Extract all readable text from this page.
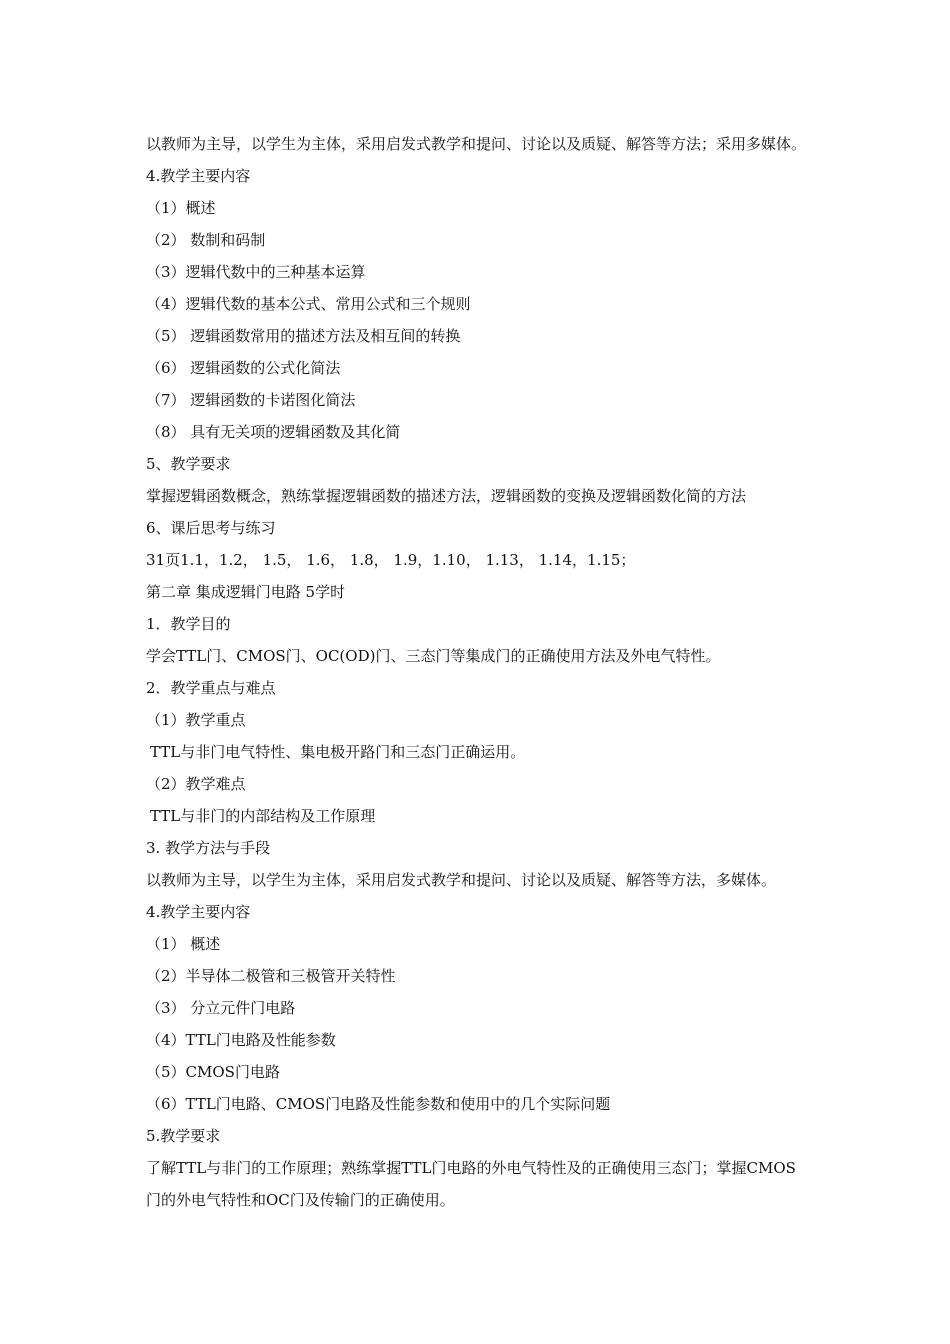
以教师为主导，以学生为主体，采用启发式教学和提问、讨论以及质疑、解答等方法；采用多媒体。
4.教学主要内容
（1）概述
（2） 数制和码制
（3）逻辑代数中的三种基本运算
（4）逻辑代数的基本公式、常用公式和三个规则
（5） 逻辑函数常用的描述方法及相互间的转换
（6） 逻辑函数的公式化简法
（7） 逻辑函数的卡诺图化简法
（8） 具有无关项的逻辑函数及其化简
5、教学要求
掌握逻辑函数概念，熟练掌握逻辑函数的描述方法，逻辑函数的变换及逻辑函数化简的方法
6、课后思考与练习
31页1.1，1.2， 1.5， 1.6， 1.8， 1.9，1.10， 1.13， 1.14，1.15；
第二章 集成逻辑门电路 5学时
1．教学目的
学会TTL门、CMOS门、OC(OD)门、三态门等集成门的正确使用方法及外电气特性。
2．教学重点与难点
（1）教学重点
TTL与非门电气特性、集电极开路门和三态门正确运用。
（2）教学难点
TTL与非门的内部结构及工作原理
3. 教学方法与手段
以教师为主导，以学生为主体，采用启发式教学和提问、讨论以及质疑、解答等方法，多媒体。
4.教学主要内容
（1） 概述
（2）半导体二极管和三极管开关特性
（3） 分立元件门电路
（4）TTL门电路及性能参数
（5）CMOS门电路
（6）TTL门电路、CMOS门电路及性能参数和使用中的几个实际问题
5.教学要求
了解TTL与非门的工作原理；熟练掌握TTL门电路的外电气特性及的正确使用三态门；掌握CMOS
门的外电气特性和OC门及传输门的正确使用。
